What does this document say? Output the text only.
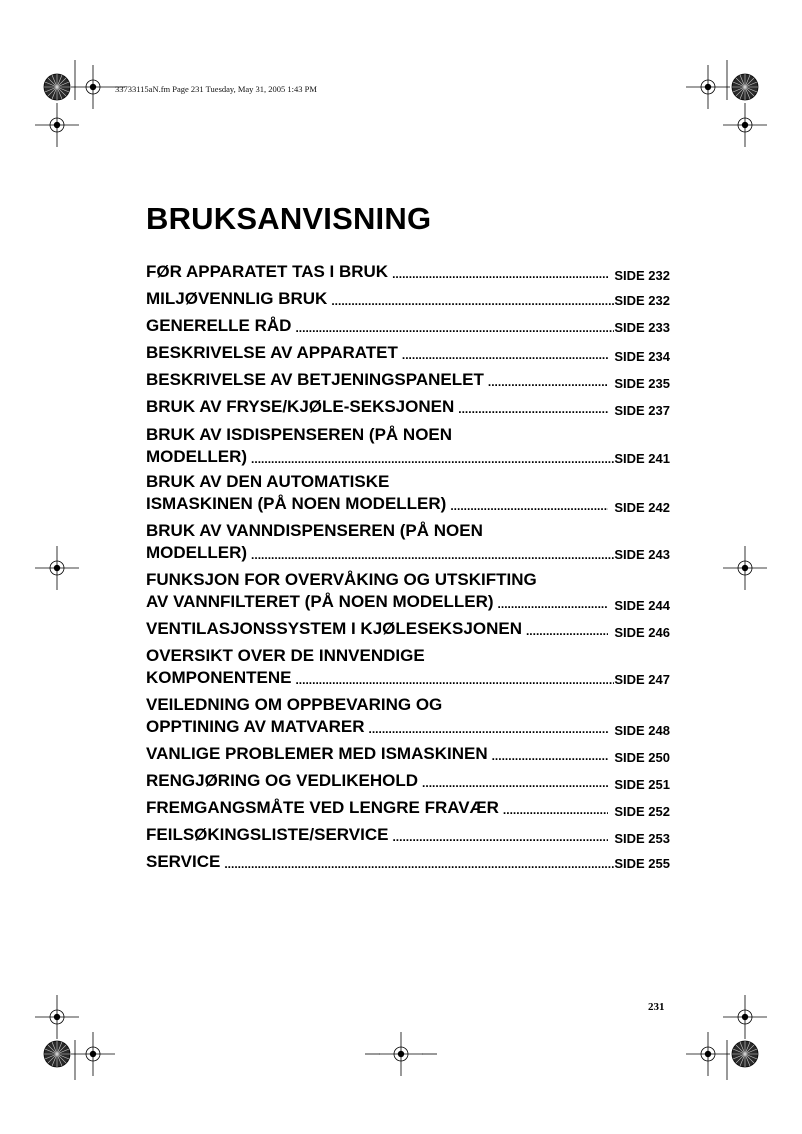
33733115aN.fm Page 231 Tuesday, May 31, 2005 1:43 PM
BRUKSANVISNING
FØR APPARATET TAS I BRUK .....	SIDE 232
MILJØVENNLIG BRUK .....	SIDE 232
GENERELLE RÅD .....	SIDE 233
BESKRIVELSE AV APPARATET .....	SIDE 234
BESKRIVELSE AV BETJENINGSPANELET .....	SIDE 235
BRUK AV FRYSE/KJØLE-SEKSJONEN .....	SIDE 237
BRUK AV ISDISPENSEREN (PÅ NOEN
MODELLER) .....	SIDE 241
BRUK AV DEN AUTOMATISKE
ISMASKINEN (PÅ NOEN MODELLER) .....	SIDE 242
BRUK AV VANNDISPENSEREN (PÅ NOEN
MODELLER) .....	SIDE 243
FUNKSJON FOR OVERVÅKING OG UTSKIFTING
AV VANNFILTERET (PÅ NOEN MODELLER) .....	SIDE 244
VENTILASJONSSYSTEM I KJØLESEKSJONEN .....	SIDE 246
OVERSIKT OVER DE INNVENDIGE
KOMPONENTENE .....	SIDE 247
VEILEDNING OM OPPBEVARING OG
OPPTINING AV MATVARER .....	SIDE 248
VANLIGE PROBLEMER MED ISMASKINEN .....	SIDE 250
RENGJØRING OG VEDLIKEHOLD .....	SIDE 251
FREMGANGSMÅTE VED LENGRE FRAVÆR .....	SIDE 252
FEILSØKINGSLISTE/SERVICE .....	SIDE 253
SERVICE .....	SIDE 255
231
